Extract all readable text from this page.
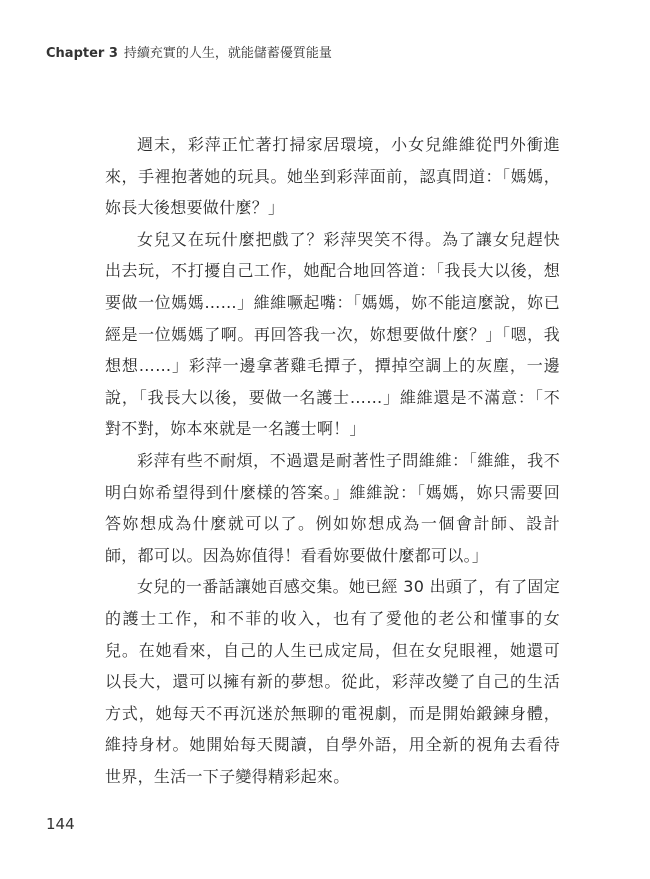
Chapter 3 持續充實的人生，就能儲蓄優質能量

週末，彩萍正忙著打掃家居環境，小女兒維維從門外衝進來，手裡抱著她的玩具。她坐到彩萍面前，認真問道：「媽媽，妳長大後想要做什麼？」

女兒又在玩什麼把戲了？彩萍哭笑不得。為了讓女兒趕快出去玩，不打擾自己工作，她配合地回答道：「我長大以後，想要做一位媽媽……」維維噘起嘴：「媽媽，妳不能這麼說，妳已經是一位媽媽了啊。再回答我一次，妳想要做什麼？」「嗯，我想想……」彩萍一邊拿著雞毛撢子，撢掉空調上的灰塵，一邊說，「我長大以後，要做一名護士……」維維還是不滿意：「不對不對，妳本來就是一名護士啊！」

彩萍有些不耐煩，不過還是耐著性子問維維：「維維，我不明白妳希望得到什麼樣的答案。」維維說：「媽媽，妳只需要回答妳想成為什麼就可以了。例如妳想成為一個會計師、設計師，都可以。因為妳值得！看看妳要做什麼都可以。」

女兒的一番話讓她百感交集。她已經 30 出頭了，有了固定的護士工作，和不菲的收入，也有了愛他的老公和懂事的女兒。在她看來，自己的人生已成定局，但在女兒眼裡，她還可以長大，還可以擁有新的夢想。從此，彩萍改變了自己的生活方式，她每天不再沉迷於無聊的電視劇，而是開始鍛鍊身體，維持身材。她開始每天閱讀，自學外語，用全新的視角去看待世界，生活一下子變得精彩起來。

144
